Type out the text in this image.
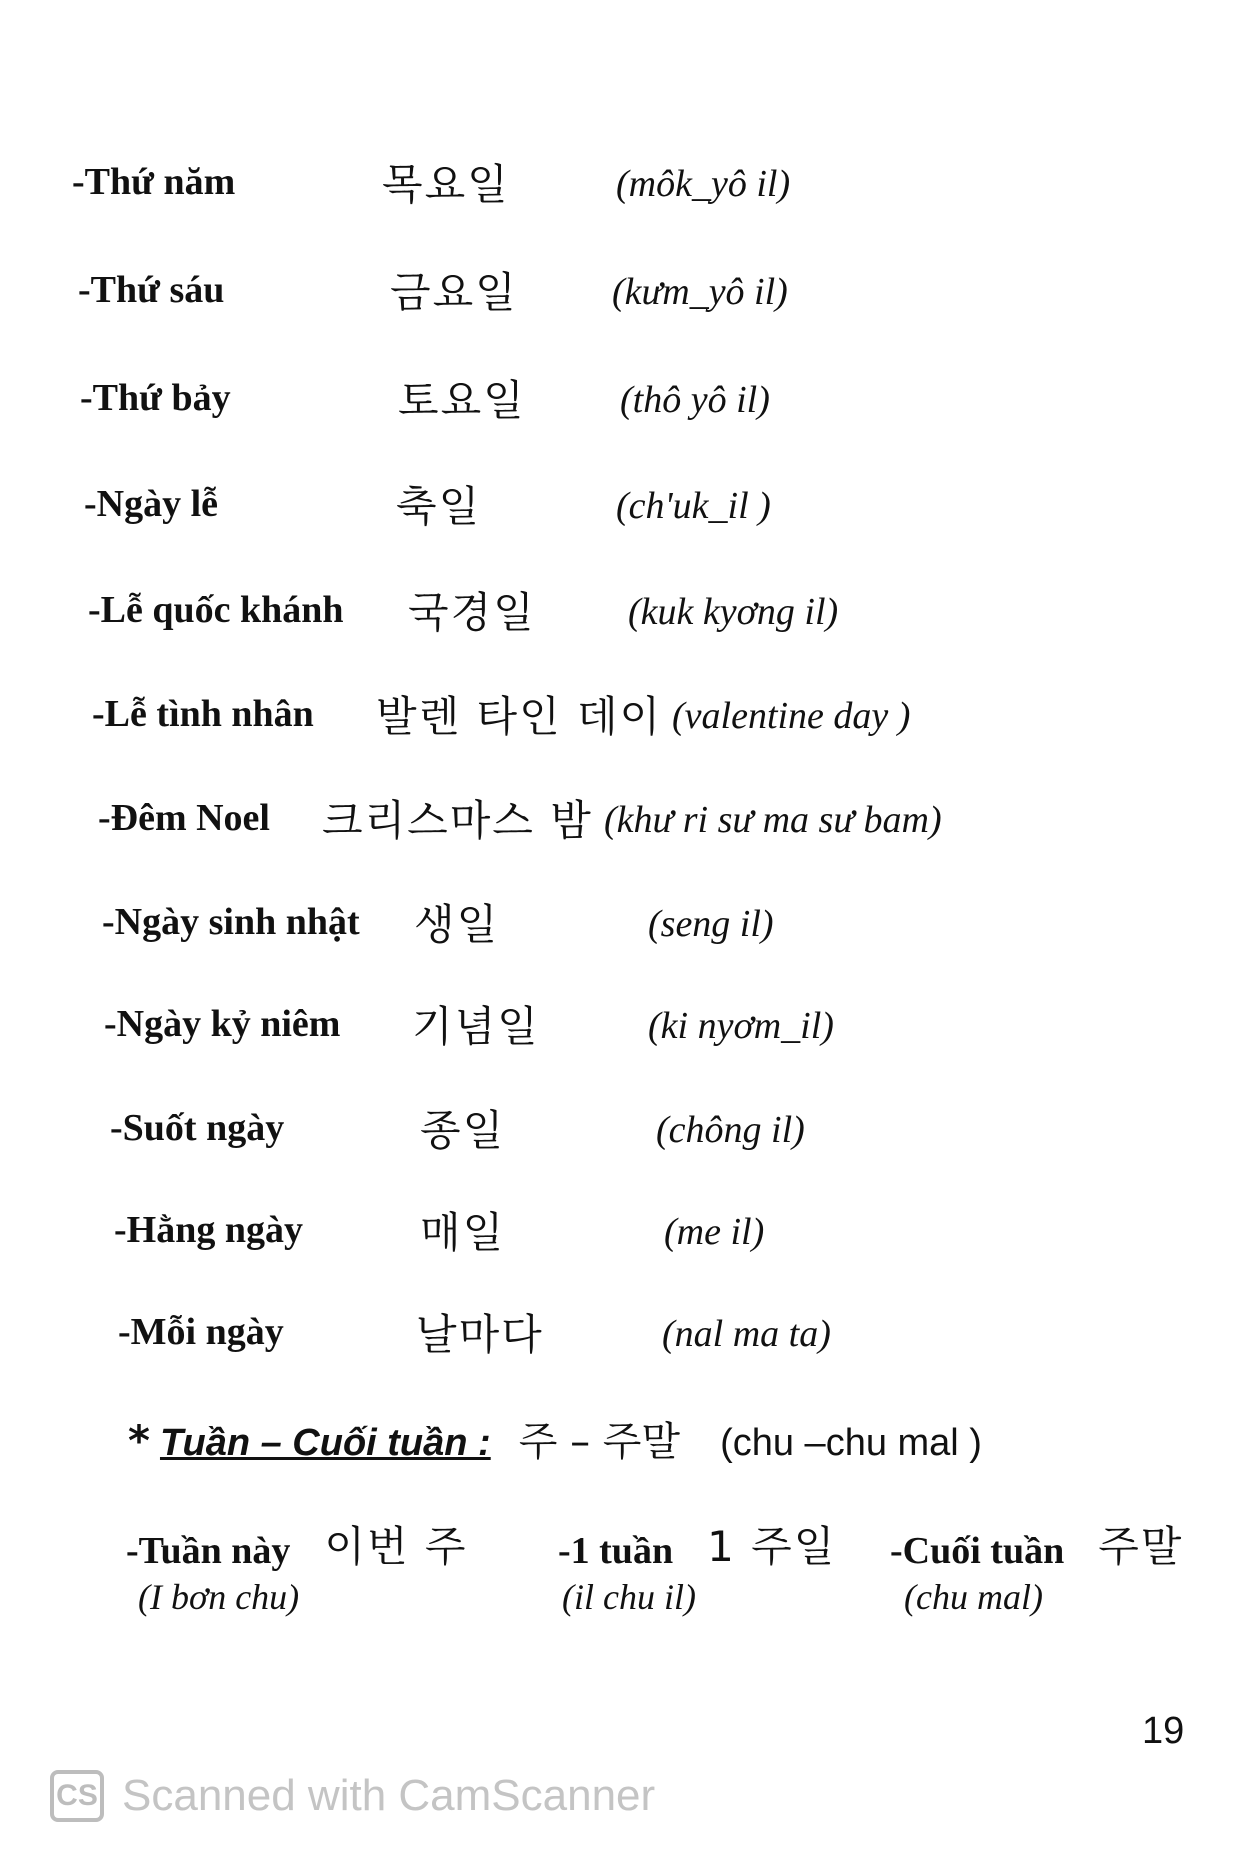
-Thứ năm	목요일	(môk_yô il)
-Thứ sáu	금요일 (kưm_yô il)
-Thứ bảy	토요일 (thô yô il)
-Ngày lễ	축일	(ch'uk_il )
-Lễ quốc khánh 국경일 (kuk kyơng il)
-Lễ tình nhân 발렌 타인 데이 (valentine day )
-Đêm Noel 크리스마스 밤 (khư ri sư ma sư bam)
-Ngày sinh nhật 생일	(seng il)
-Ngày kỷ niêm 기념일	(ki nyơm_il)
-Suốt ngày	종일	(chông il)
-Hằng ngày	매일	(me il)
-Mỗi ngày	날마다	(nal ma ta)
* Tuần – Cuối tuần : 주 – 주말 (chu –chu mal )
-Tuần này 이번 주
(I bơn chu)
-1 tuần 1 주일
(il chu il)
-Cuối tuần 주말
(chu mal)
19
CS Scanned with CamScanner
